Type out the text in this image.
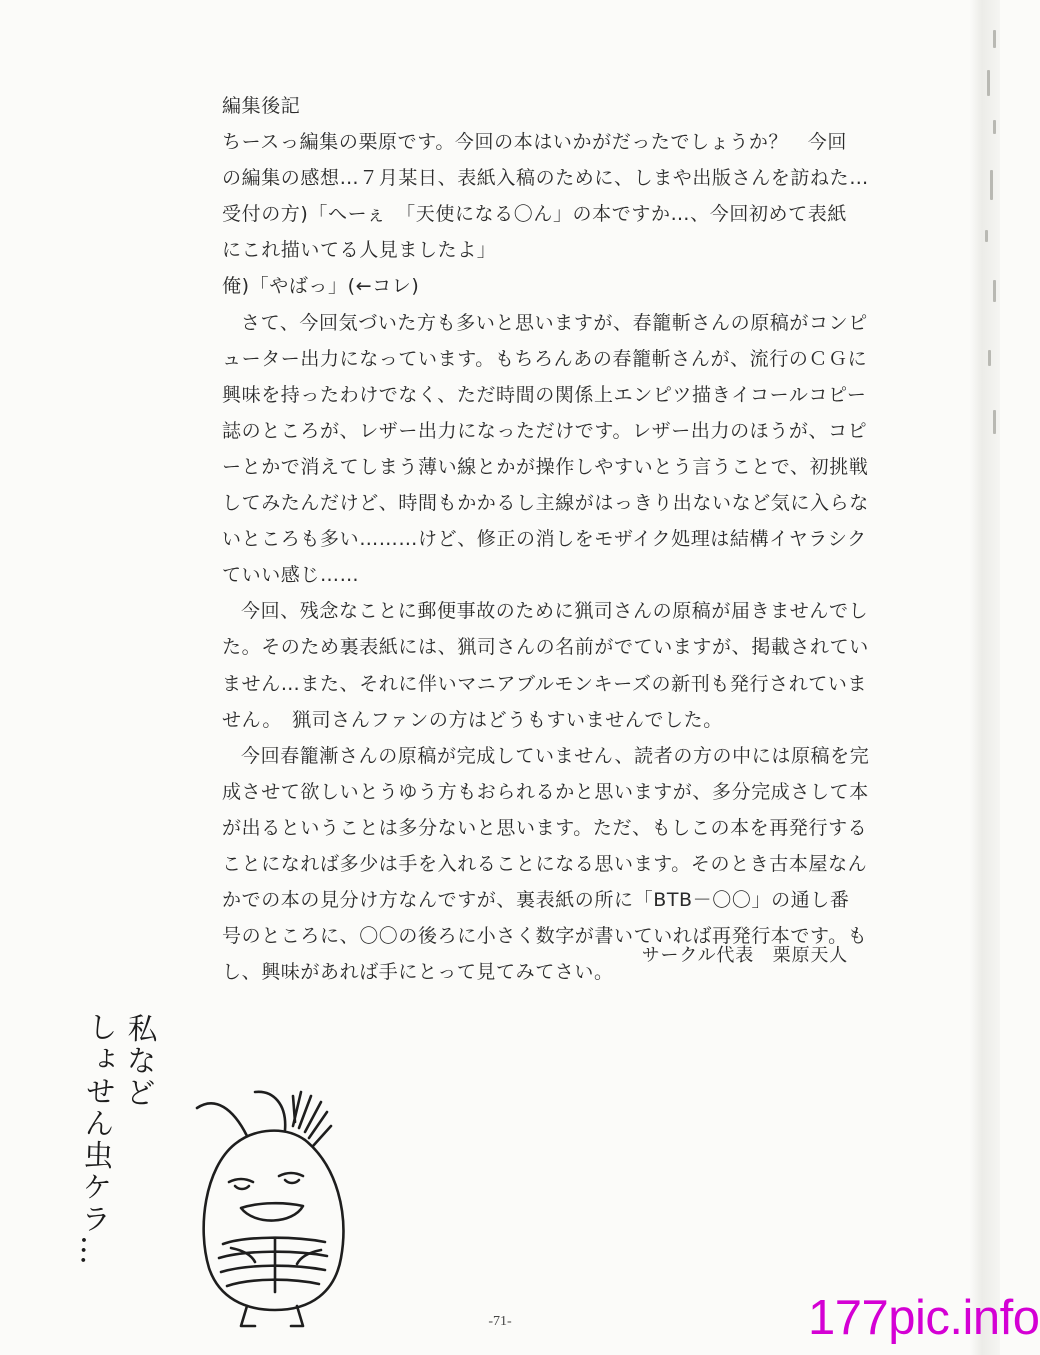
編集後記

ちースっ編集の栗原です。今回の本はいかがだったでしょうか？　今回
の編集の感想…７月某日、表紙入稿のために、しまや出版さんを訪ねた…
受付の方)「へーぇ　「天使になる〇ん」の本ですか…、今回初めて表紙
にこれ描いてる人見ましたよ」
俺)「やばっ」(←コレ)

さて、今回気づいた方も多いと思いますが、春籠斬さんの原稿がコンピ
ューター出力になっています。もちろんあの春籠斬さんが、流行のＣＧに
興味を持ったわけでなく、ただ時間の関係上エンピツ描きイコールコピー
誌のところが、レザー出力になっただけです。レザー出力のほうが、コピ
ーとかで消えてしまう薄い線とかが操作しやすいとう言うことで、初挑戦
してみたんだけど、時間もかかるし主線がはっきり出ないなど気に入らな
いところも多い………けど、修正の消しをモザイク処理は結構イヤラシク
ていい感じ……

今回、残念なことに郵便事故のために猟司さんの原稿が届きませんでし
た。そのため裏表紙には、猟司さんの名前がでていますが、掲載されてい
ません…また、それに伴いマニアブルモンキーズの新刊も発行されていま
せん。　猟司さんファンの方はどうもすいませんでした。

今回春籠漸さんの原稿が完成していません、読者の方の中には原稿を完
成させて欲しいとうゆう方もおられるかと思いますが、多分完成さして本
が出るということは多分ないと思います。ただ、もしこの本を再発行する
ことになれば多少は手を入れることになる思います。そのとき古本屋なん
かでの本の見分け方なんですが、裏表紙の所に「BTB－〇〇」の通し番
号のところに、〇〇の後ろに小さく数字が書いていれば再発行本です。も
し、興味があれば手にとって見てみてさい。

サークル代表　栗原天人
私など
しょせん虫ケラ…
-71-	177pic.info
